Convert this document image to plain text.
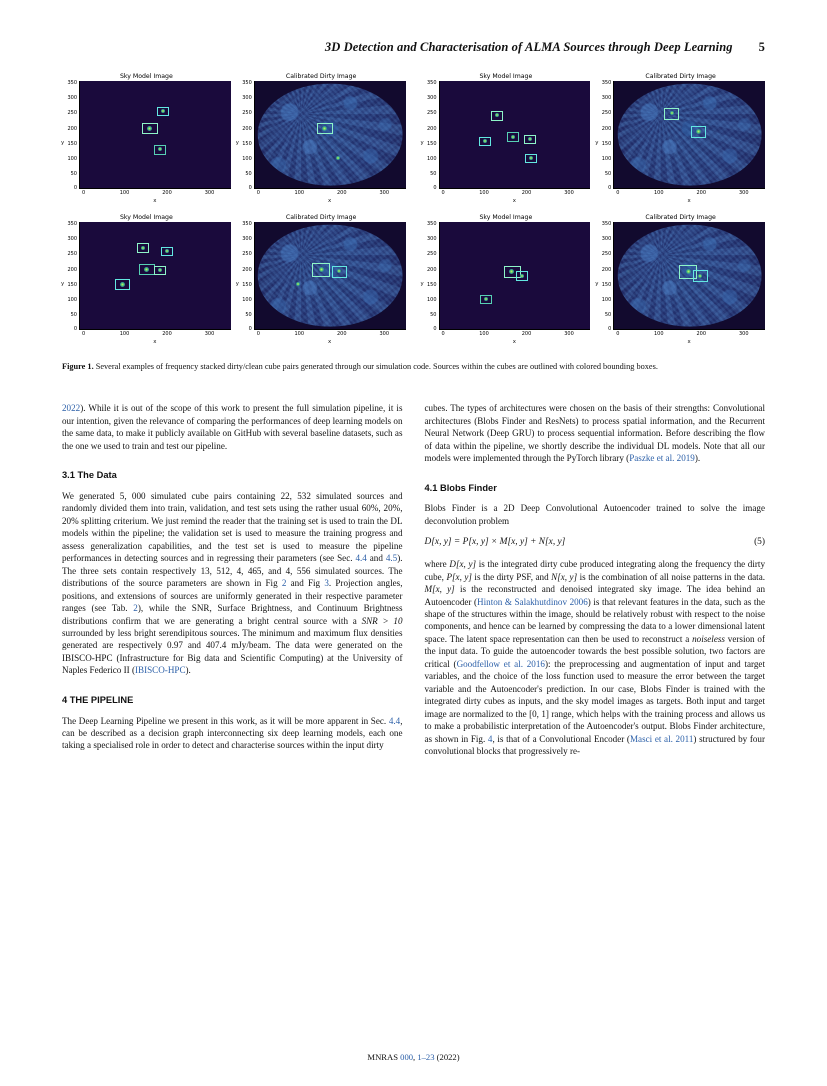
3D Detection and Characterisation of ALMA Sources through Deep Learning 5
Sky Model Image
y
350
300
250
200
150
100
50
0
0	100	200	300
x
Calibrated Dirty Image
y
350
300
250
200
150
100
50
0
0	100	200	300
x
Sky Model Image
y
350
300
250
200
150
100
50
0
0	100	200	300
x
Calibrated Dirty Image
y
350
300
250
200
150
100
50
0
0	100	200	300
x
Sky Model Image
y
350
300
250
200
150
100
50
0
0	100	200	300
x
Calibrated Dirty Image
y
350
300
250
200
150
100
50
0
0	100	200	300
x
Sky Model Image
y
350
300
250
200
150
100
50
0
0	100	200	300
x
Calibrated Dirty Image
y
350
300
250
200
150
100
50
0
0	100	200	300
x
Figure 1. Several examples of frequency stacked dirty/clean cube pairs generated through our simulation code. Sources within the cubes are outlined with colored bounding boxes.

2022). While it is out of the scope of this work to present the full simulation pipeline, it is our intention, given the relevance of comparing the performances of deep learning models on the same data, to make it publicly available on GitHub with several baseline datasets, such as the one we used to train and test our pipeline.

3.1 The Data

We generated 5, 000 simulated cube pairs containing 22, 532 simulated sources and randomly divided them into train, validation, and test sets using the rather usual 60%, 20%, 20% splitting criterium. We just remind the reader that the training set is used to train the DL models within the pipeline; the validation set is used to measure the training progress and assess generalization capabilities, and the test set is used to measure the pipeline performances in detecting sources and in regressing their parameters (see Sec. 4.4 and 4.5). The three sets contain respectively 13, 512, 4, 465, and 4, 556 simulated sources. The distributions of the source parameters are shown in Fig 2 and Fig 3. Projection angles, positions, and extensions of sources are uniformly generated in their respective parameter ranges (see Tab. 2), while the SNR, Surface Brightness, and Continuum Brightness distributions confirm that we are generating a bright central source with a SNR > 10 surrounded by less bright serendipitous sources. The minimum and maximum flux densities generated are respectively 0.97 and 407.4 mJy/beam. The data were generated on the IBISCO-HPC (Infrastructure for Big data and Scientific Computing) at the University of Naples Federico II (IBISCO-HPC).

4 THE PIPELINE

The Deep Learning Pipeline we present in this work, as it will be more apparent in Sec. 4.4, can be described as a decision graph interconnecting six deep learning models, each one taking a specialised role in order to detect and characterise sources within the input dirty

cubes. The types of architectures were chosen on the basis of their strengths: Convolutional architectures (Blobs Finder and ResNets) to process spatial information, and the Recurrent Neural Network (Deep GRU) to process sequential information. Before describing the flow of data within the pipeline, we shortly describe the individual DL models. Note that all our models were implemented through the PyTorch library (Paszke et al. 2019).

4.1 Blobs Finder

Blobs Finder is a 2D Deep Convolutional Autoencoder trained to solve the image deconvolution problem

D[x, y] = P[x, y] × M[x, y] + N[x, y]	(5)

where D[x, y] is the integrated dirty cube produced integrating along the frequency the dirty cube, P[x, y] is the dirty PSF, and N[x, y] is the combination of all noise patterns in the data. M[x, y] is the reconstructed and denoised integrated sky image. The idea behind an Autoencoder (Hinton & Salakhutdinov 2006) is that relevant features in the data, such as the shape of the structures within the image, should be relatively robust with respect to the noise components, and hence can be learned by compressing the data to a lower dimensional latent space. The latent space representation can then be used to reconstruct a noiseless version of the input data. To guide the autoencoder towards the best possible solution, two factors are critical (Goodfellow et al. 2016): the preprocessing and augmentation of input and target variables, and the choice of the loss function used to measure the error between the target variable and the Autoencoder's prediction. In our case, Blobs Finder is trained with the integrated dirty cubes as inputs, and the sky model images as targets. Both input and target image are normalized to the [0, 1] range, which helps with the training process and allows us to make a probabilistic interpretation of the Autoencoder's output. Blobs Finder architecture, as shown in Fig. 4, is that of a Convolutional Encoder (Masci et al. 2011) structured by four convolutional blocks that progressively re-

MNRAS 000, 1–23 (2022)
